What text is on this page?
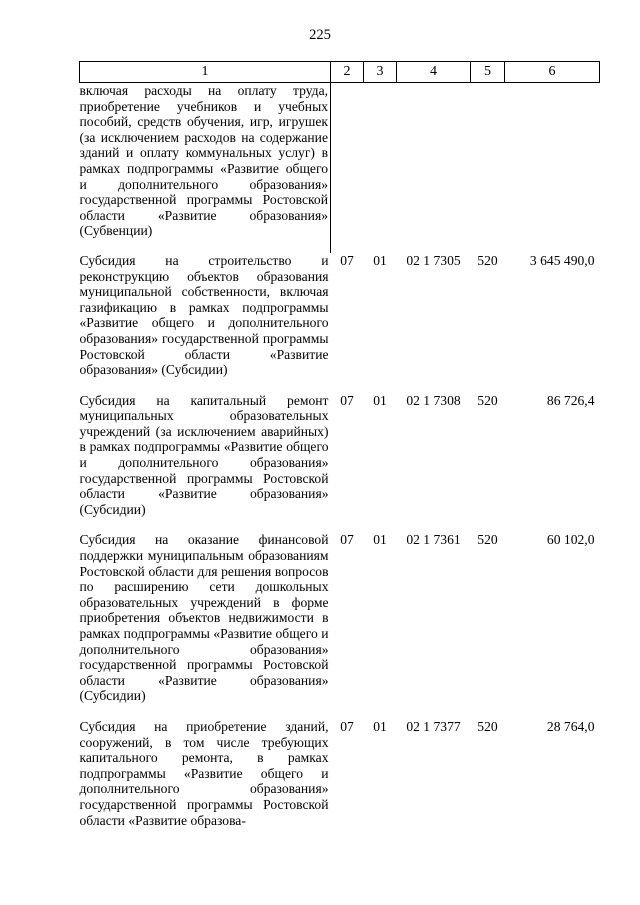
225
1	2	3	4	5	6
включая расходы на оплату труда, приобретение учебников и учебных пособий, средств обучения, игр, игрушек (за исключением расходов на содержание зданий и оплату коммунальных услуг) в рамках подпрограммы «Развитие общего и дополнительного образования» государственной программы Ростовской области «Развитие образования» (Субвенции)					
Субсидия на строительство и реконструкцию объектов образования муниципальной собственности, включая газификацию в рамках подпрограммы «Развитие общего и дополнительного образования» государственной программы Ростовской области «Развитие образования» (Субсидии)	07	01	02 1 7305	520	3 645 490,0
Субсидия на капитальный ремонт муниципальных образовательных учреждений (за исключением аварийных) в рамках подпрограммы «Развитие общего и дополнительного образования» государственной программы Ростовской области «Развитие образования» (Субсидии)	07	01	02 1 7308	520	86 726,4
Субсидия на оказание финансовой поддержки муниципальным образованиям Ростовской области для решения вопросов по расширению сети дошкольных образовательных учреждений в форме приобретения объектов недвижимости в рамках подпрограммы «Развитие общего и дополнительного образования» государственной программы Ростовской области «Развитие образования» (Субсидии)	07	01	02 1 7361	520	60 102,0
Субсидия на приобретение зданий, сооружений, в том числе требующих капитального ремонта, в рамках подпрограммы «Развитие общего и дополнительного образования» государственной программы Ростовской области «Развитие образова-	07	01	02 1 7377	520	28 764,0
